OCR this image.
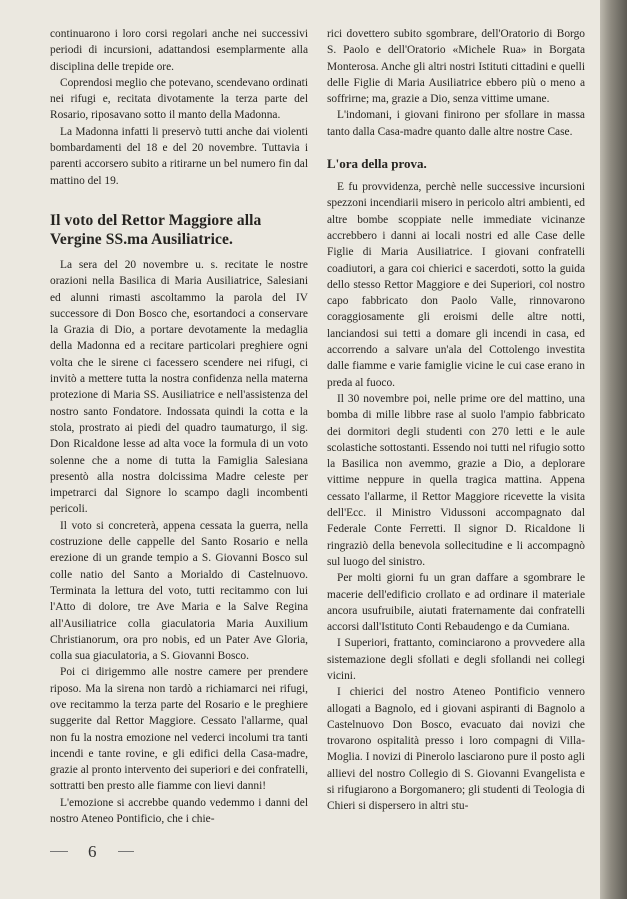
continuarono i loro corsi regolari anche nei successivi periodi di incursioni, adattandosi esemplarmente alla disciplina delle trepide ore.

Coprendosi meglio che potevano, scendevano ordinati nei rifugi e, recitata divotamente la terza parte del Rosario, riposavano sotto il manto della Madonna.

La Madonna infatti li preservò tutti anche dai violenti bombardamenti del 18 e del 20 novembre. Tuttavia i parenti accorsero subito a ritirarne un bel numero fin dal mattino del 19.

Il voto del Rettor Maggiore alla Vergine SS.ma Ausiliatrice.

La sera del 20 novembre u. s. recitate le nostre orazioni nella Basilica di Maria Ausiliatrice, Salesiani ed alunni rimasti ascoltammo la parola del IV successore di Don Bosco che, esortandoci a conservare la Grazia di Dio, a portare devotamente la medaglia della Madonna ed a recitare particolari preghiere ogni volta che le sirene ci facessero scendere nei rifugi, ci invitò a mettere tutta la nostra confidenza nella materna protezione di Maria SS. Ausiliatrice e nell'assistenza del nostro santo Fondatore. Indossata quindi la cotta e la stola, prostrato ai piedi del quadro taumaturgo, il sig. Don Ricaldone lesse ad alta voce la formula di un voto solenne che a nome di tutta la Famiglia Salesiana presentò alla nostra dolcissima Madre celeste per impetrarci dal Signore lo scampo dagli incombenti pericoli.

Il voto si concreterà, appena cessata la guerra, nella costruzione delle cappelle del Santo Rosario e nella erezione di un grande tempio a S. Giovanni Bosco sul colle natio del Santo a Morialdo di Castelnuovo. Terminata la lettura del voto, tutti recitammo con lui l'Atto di dolore, tre Ave Maria e la Salve Regina all'Ausiliatrice colla giaculatoria Maria Auxilium Christianorum, ora pro nobis, ed un Pater Ave Gloria, colla sua giaculatoria, a S. Giovanni Bosco.

Poi ci dirigemmo alle nostre camere per prendere riposo. Ma la sirena non tardò a richiamarci nei rifugi, ove recitammo la terza parte del Rosario e le preghiere suggerite dal Rettor Maggiore. Cessato l'allarme, qual non fu la nostra emozione nel vederci incolumi tra tanti incendi e tante rovine, e gli edifici della Casa-madre, grazie al pronto intervento dei superiori e dei confratelli, sottratti ben presto alle fiamme con lievi danni!

L'emozione si accrebbe quando vedemmo i danni del nostro Ateneo Pontificio, che i chie-

rici dovettero subito sgombrare, dell'Oratorio di Borgo S. Paolo e dell'Oratorio «Michele Rua» in Borgata Monterosa. Anche gli altri nostri Istituti cittadini e quelli delle Figlie di Maria Ausiliatrice ebbero più o meno a soffrirne; ma, grazie a Dio, senza vittime umane.

L'indomani, i giovani finirono per sfollare in massa tanto dalla Casa-madre quanto dalle altre nostre Case.

L'ora della prova.

E fu provvidenza, perchè nelle successive incursioni spezzoni incendiarii misero in pericolo altri ambienti, ed altre bombe scoppiate nelle immediate vicinanze accrebbero i danni ai locali nostri ed alle Case delle Figlie di Maria Ausiliatrice. I giovani confratelli coadiutori, a gara coi chierici e sacerdoti, sotto la guida dello stesso Rettor Maggiore e dei Superiori, col nostro capo fabbricato don Paolo Valle, rinnovarono coraggiosamente gli eroismi delle altre notti, lanciandosi sui tetti a domare gli incendi in casa, ed accorrendo a salvare un'ala del Cottolengo investita dalle fiamme e varie famiglie vicine le cui case erano in preda al fuoco.

Il 30 novembre poi, nelle prime ore del mattino, una bomba di mille libbre rase al suolo l'ampio fabbricato dei dormitori degli studenti con 270 letti e le aule scolastiche sottostanti. Essendo noi tutti nel rifugio sotto la Basilica non avemmo, grazie a Dio, a deplorare vittime neppure in quella tragica mattina. Appena cessato l'allarme, il Rettor Maggiore ricevette la visita dell'Ecc. il Ministro Vidussoni accompagnato dal Federale Conte Ferretti. Il signor D. Ricaldone li ringraziò della benevola sollecitudine e li accompagnò sul luogo del sinistro.

Per molti giorni fu un gran daffare a sgombrare le macerie dell'edificio crollato e ad ordinare il materiale ancora usufruibile, aiutati fraternamente dai confratelli accorsi dall'Istituto Conti Rebaudengo e da Cumiana.

I Superiori, frattanto, cominciarono a provvedere alla sistemazione degli sfollati e degli sfollandi nei collegi vicini.

I chierici del nostro Ateneo Pontificio vennero allogati a Bagnolo, ed i giovani aspiranti di Bagnolo a Castelnuovo Don Bosco, evacuato dai novizi che trovarono ospitalità presso i loro compagni di Villa-Moglia. I novizi di Pinerolo lasciarono pure il posto agli allievi del nostro Collegio di S. Giovanni Evangelista e si rifugiarono a Borgomanero; gli studenti di Teologia di Chieri si dispersero in altri stu-

6
